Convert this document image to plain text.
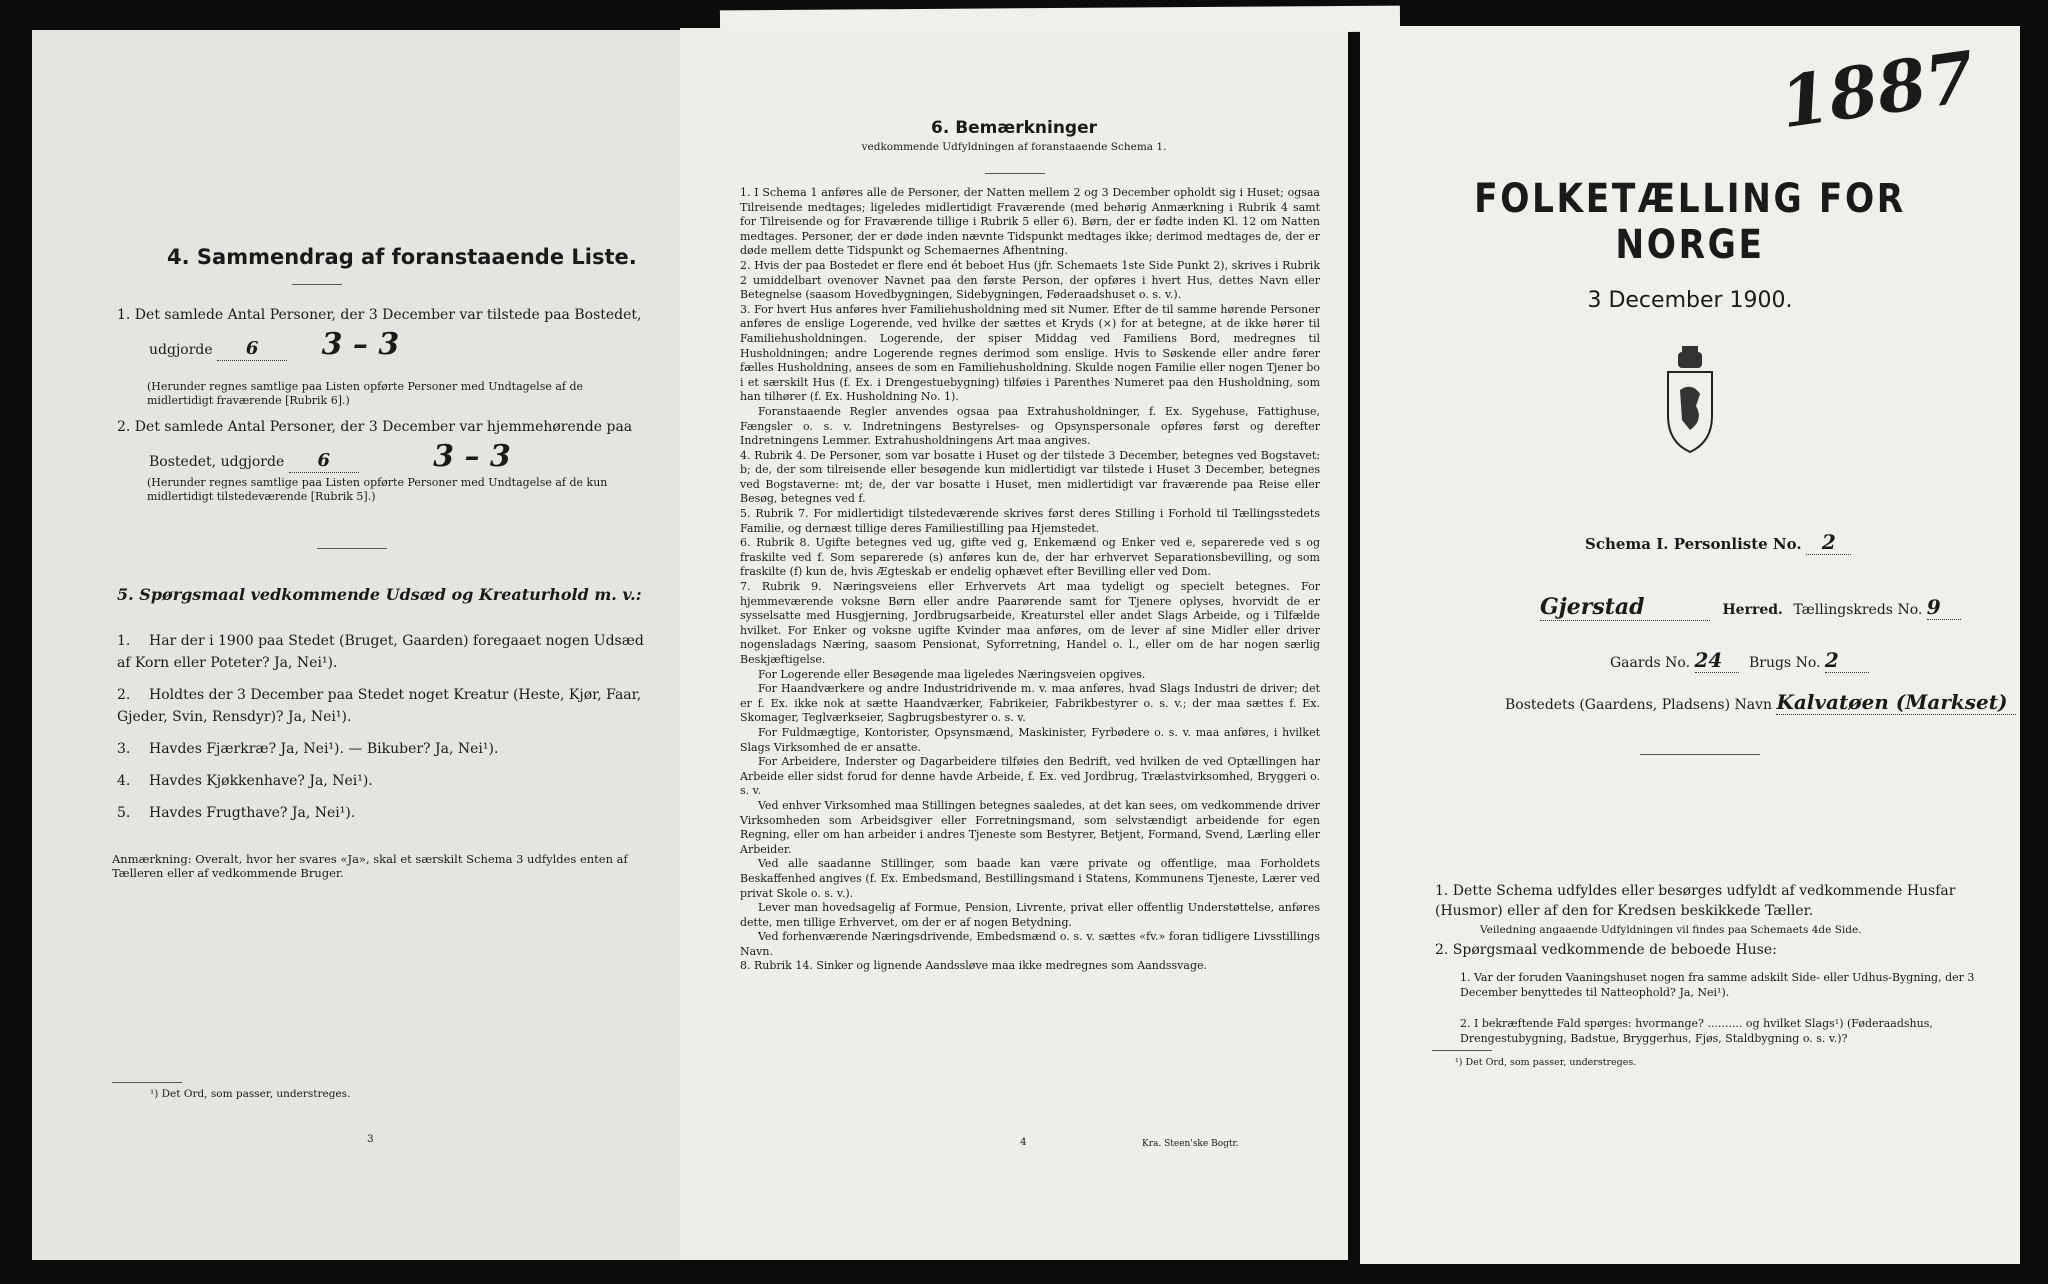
4. Sammendrag af foranstaaende Liste.
1. Det samlede Antal Personer, der 3 December var tilstede paa Bostedet,
udgjorde 6 3 – 3
(Herunder regnes samtlige paa Listen opførte Personer med Undtagelse af de midlertidigt fraværende [Rubrik 6].)
2. Det samlede Antal Personer, der 3 December var hjemmehørende paa
Bostedet, udgjorde 6	3 – 3
(Herunder regnes samtlige paa Listen opførte Personer med Undtagelse af de kun midlertidigt tilstedeværende [Rubrik 5].)
5. Spørgsmaal vedkommende Udsæd og Kreaturhold m. v.:
1. Har der i 1900 paa Stedet (Bruget, Gaarden) foregaaet nogen Udsæd af Korn eller Poteter? Ja, Nei¹).
2. Holdtes der 3 December paa Stedet noget Kreatur (Heste, Kjør, Faar, Gjeder, Svin, Rensdyr)? Ja, Nei¹).
3. Havdes Fjærkræ? Ja, Nei¹). — Bikuber? Ja, Nei¹).
4. Havdes Kjøkkenhave? Ja, Nei¹).
5. Havdes Frugthave? Ja, Nei¹).
Anmærkning: Overalt, hvor her svares «Ja», skal et særskilt Schema 3 udfyldes enten af Tælleren eller af vedkommende Bruger.
¹) Det Ord, som passer, understreges.
3
6. Bemærkninger
vedkommende Udfyldningen af foranstaaende Schema 1.

1. I Schema 1 anføres alle de Personer, der Natten mellem 2 og 3 December opholdt sig i Huset; ogsaa Tilreisende medtages; ligeledes midlertidigt Fraværende (med behørig Anmærkning i Rubrik 4 samt for Tilreisende og for Fraværende tillige i Rubrik 5 eller 6). Børn, der er fødte inden Kl. 12 om Natten medtages. Personer, der er døde inden nævnte Tidspunkt medtages ikke; derimod medtages de, der er døde mellem dette Tidspunkt og Schemaernes Afhentning.

2. Hvis der paa Bostedet er flere end ét beboet Hus (jfr. Schemaets 1ste Side Punkt 2), skrives i Rubrik 2 umiddelbart ovenover Navnet paa den første Person, der opføres i hvert Hus, dettes Navn eller Betegnelse (saasom Hovedbygningen, Sidebygningen, Føderaadshuset o. s. v.).

3. For hvert Hus anføres hver Familiehusholdning med sit Numer. Efter de til samme hørende Personer anføres de enslige Logerende, ved hvilke der sættes et Kryds (×) for at betegne, at de ikke hører til Familiehusholdningen. Logerende, der spiser Middag ved Familiens Bord, medregnes til Husholdningen; andre Logerende regnes derimod som enslige. Hvis to Søskende eller andre fører fælles Husholdning, ansees de som en Familiehusholdning. Skulde nogen Familie eller nogen Tjener bo i et særskilt Hus (f. Ex. i Drengestuebygning) tilføies i Parenthes Numeret paa den Husholdning, som han tilhører (f. Ex. Husholdning No. 1).

Foranstaaende Regler anvendes ogsaa paa Extrahusholdninger, f. Ex. Sygehuse, Fattighuse, Fængsler o. s. v. Indretningens Bestyrelses- og Opsynspersonale opføres først og derefter Indretningens Lemmer. Extrahusholdningens Art maa angives.

4. Rubrik 4. De Personer, som var bosatte i Huset og der tilstede 3 December, betegnes ved Bogstavet: b; de, der som tilreisende eller besøgende kun midlertidigt var tilstede i Huset 3 December, betegnes ved Bogstaverne: mt; de, der var bosatte i Huset, men midlertidigt var fraværende paa Reise eller Besøg, betegnes ved f.

5. Rubrik 7. For midlertidigt tilstedeværende skrives først deres Stilling i Forhold til Tællingsstedets Familie, og dernæst tillige deres Familiestilling paa Hjemstedet.

6. Rubrik 8. Ugifte betegnes ved ug, gifte ved g, Enkemænd og Enker ved e, separerede ved s og fraskilte ved f. Som separerede (s) anføres kun de, der har erhvervet Separationsbevilling, og som fraskilte (f) kun de, hvis Ægteskab er endelig ophævet efter Bevilling eller ved Dom.

7. Rubrik 9. Næringsveiens eller Erhvervets Art maa tydeligt og specielt betegnes. For hjemmeværende voksne Børn eller andre Paarørende samt for Tjenere oplyses, hvorvidt de er sysselsatte med Husgjerning, Jordbrugsarbeide, Kreaturstel eller andet Slags Arbeide, og i Tilfælde hvilket. For Enker og voksne ugifte Kvinder maa anføres, om de lever af sine Midler eller driver nogensladags Næring, saasom Pensionat, Syforretning, Handel o. l., eller om de har nogen særlig Beskjæftigelse.

For Logerende eller Besøgende maa ligeledes Næringsveien opgives.

For Haandværkere og andre Industridrivende m. v. maa anføres, hvad Slags Industri de driver; det er f. Ex. ikke nok at sætte Haandværker, Fabrikeier, Fabrikbestyrer o. s. v.; der maa sættes f. Ex. Skomager, Teglværkseier, Sagbrugsbestyrer o. s. v.

For Fuldmægtige, Kontorister, Opsynsmænd, Maskinister, Fyrbødere o. s. v. maa anføres, i hvilket Slags Virksomhed de er ansatte.

For Arbeidere, Inderster og Dagarbeidere tilføies den Bedrift, ved hvilken de ved Optællingen har Arbeide eller sidst forud for denne havde Arbeide, f. Ex. ved Jordbrug, Trælastvirksomhed, Bryggeri o. s. v.

Ved enhver Virksomhed maa Stillingen betegnes saaledes, at det kan sees, om vedkommende driver Virksomheden som Arbeidsgiver eller Forretningsmand, som selvstændigt arbeidende for egen Regning, eller om han arbeider i andres Tjeneste som Bestyrer, Betjent, Formand, Svend, Lærling eller Arbeider.

Ved alle saadanne Stillinger, som baade kan være private og offentlige, maa Forholdets Beskaffenhed angives (f. Ex. Embedsmand, Bestillingsmand i Statens, Kommunens Tjeneste, Lærer ved privat Skole o. s. v.).

Lever man hovedsagelig af Formue, Pension, Livrente, privat eller offentlig Understøttelse, anføres dette, men tillige Erhvervet, om der er af nogen Betydning.

Ved forhenværende Næringsdrivende, Embedsmænd o. s. v. sættes «fv.» foran tidligere Livsstillings Navn.

8. Rubrik 14. Sinker og lignende Aandssløve maa ikke medregnes som Aandssvage.

4	Kra. Steen'ske Bogtr.
1887
FOLKETÆLLING FOR NORGE
3 December 1900.
Schema I. Personliste No. 2
Gjerstad	Herred. Tællingskreds No. 9
Gaards No. 24 Brugs No. 2
Bostedets (Gaardens, Pladsens) Navn Kalvatøen (Markset)
1. Dette Schema udfyldes eller besørges udfyldt af vedkommende Husfar (Husmor) eller af den for Kredsen beskikkede Tæller.
Veiledning angaaende Udfyldningen vil findes paa Schemaets 4de Side.
2. Spørgsmaal vedkommende de beboede Huse:
1. Var der foruden Vaaningshuset nogen fra samme adskilt Side- eller Udhus-Bygning, der 3 December benyttedes til Natteophold? Ja, Nei¹).
2. I bekræftende Fald spørges: hvormange? .......... og hvilket Slags¹) (Føderaadshus, Drengestubygning, Badstue, Bryggerhus, Fjøs, Staldbygning o. s. v.)?
¹) Det Ord, som passer, understreges.
